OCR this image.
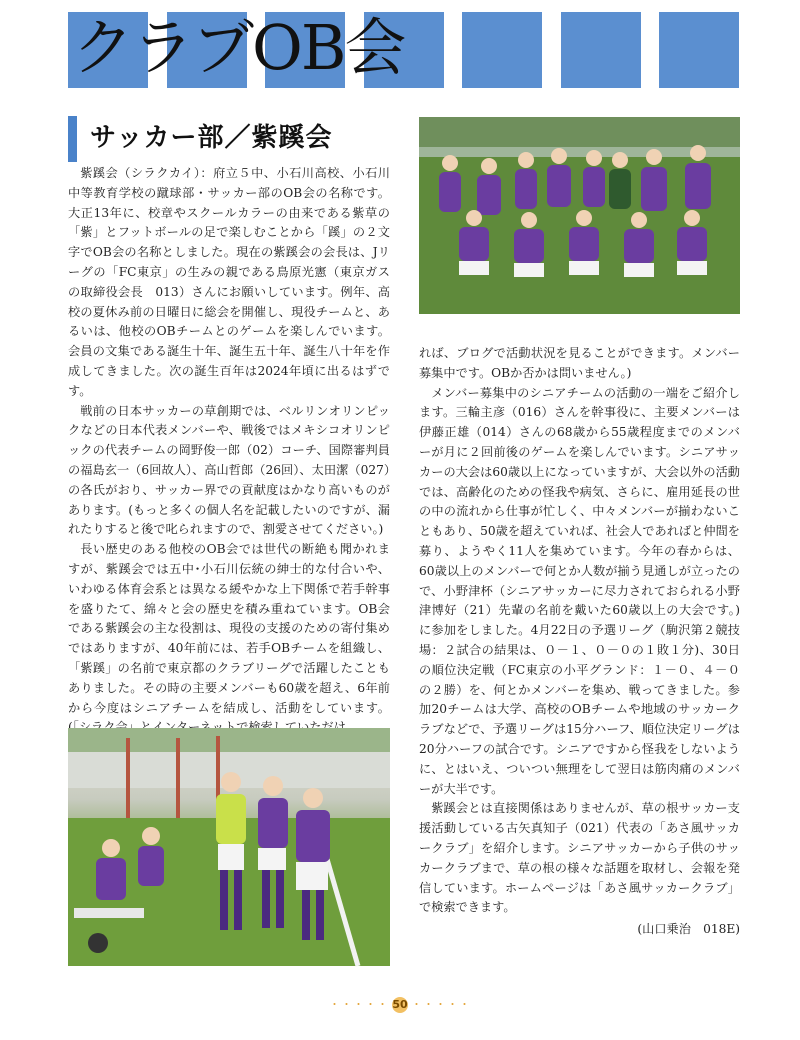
クラブOB会
サッカー部／紫蹊会

紫蹊会（シラクカイ）：府立５中、小石川高校、小石川中等教育学校の蹴球部・サッカー部のOB会の名称です。大正13年に、校章やスクールカラーの由来である紫草の「紫」とフットボールの足で楽しむことから「蹊」の２文字でOB会の名称としました。現在の紫蹊会の会長は、Jリーグの「FC東京」の生みの親である鳥原光憲（東京ガスの取締役会長　013）さんにお願いしています。例年、高校の夏休み前の日曜日に総会を開催し、現役チームと、あるいは、他校のOBチームとのゲームを楽しんでいます。会員の文集である誕生十年、誕生五十年、誕生八十年を作成してきました。次の誕生百年は2024年頃に出るはずです。

戦前の日本サッカーの草創期では、ベルリンオリンピックなどの日本代表メンバーや、戦後ではメキシコオリンピックの代表チームの岡野俊一郎（02）コーチ、国際審判員の福島玄一（6回故人）、高山哲郎（26回）、太田潔（027）の各氏がおり、サッカー界での貢献度はかなり高いものがあります。(もっと多くの個人名を記載したいのですが、漏れたりすると後で叱られますので、割愛させてください。)

長い歴史のある他校のOB会では世代の断絶も聞かれますが、紫蹊会では五中･小石川伝統の紳士的な付合いや、いわゆる体育会系とは異なる緩やかな上下関係で若手幹事を盛りたて、綿々と会の歴史を積み重ねています。OB会である紫蹊会の主な役割は、現役の支援のための寄付集めではありますが、40年前には、若手OBチームを組織し、「紫蹊」の名前で東京都のクラブリーグで活躍したこともありました。その時の主要メンバーも60歳を超え、6年前から今度はシニアチームを結成し、活動をしています。

れば、ブログで活動状況を見ることができます。メンバー募集中です。OBか否かは問いません。)

メンバー募集中のシニアチームの活動の一端をご紹介します。三輪主彦（016）さんを幹事役に、主要メンバーは伊藤正雄（014）さんの68歳から55歳程度までのメンバーが月に２回前後のゲームを楽しんでいます。シニアサッカーの大会は60歳以上になっていますが、大会以外の活動では、高齢化のための怪我や病気、さらに、雇用延長の世の中の流れから仕事が忙しく、中々メンバーが揃わないこともあり、50歳を超えていれば、社会人であればと仲間を募り、ようやく11人を集めています。今年の春からは、60歳以上のメンバーで何とか人数が揃う見通しが立ったので、小野津杯（シニアサッカーに尽力されておられる小野津博好（21）先輩の名前を戴いた60歳以上の大会です。)に参加をしました。4月22日の予選リーグ（駒沢第２競技場：２試合の結果は、０－１、０－０の１敗１分)、30日の順位決定戦（FC東京の小平グランド：１－０、４－０の２勝）を、何とかメンバーを集め、戦ってきました。参加20チームは大学、高校のOBチームや地域のサッカークラブなどで、予選リーグは15分ハーフ、順位決定リーグは20分ハーフの試合です。シニアですから怪我をしないように、とはいえ、ついつい無理をして翌日は筋肉痛のメンバーが大半です。

紫蹊会とは直接関係はありませんが、草の根サッカー支援活動している古矢真知子（021）代表の「あさ風サッカークラブ」を紹介します。シニアサッカーから子供のサッカークラブまで、草の根の様々な話題を取材し、会報を発信しています。ホームページは「あさ風サッカークラブ」で検索できます。

(山口乗治　018E)

・・・・・ 50 ・・・・・
